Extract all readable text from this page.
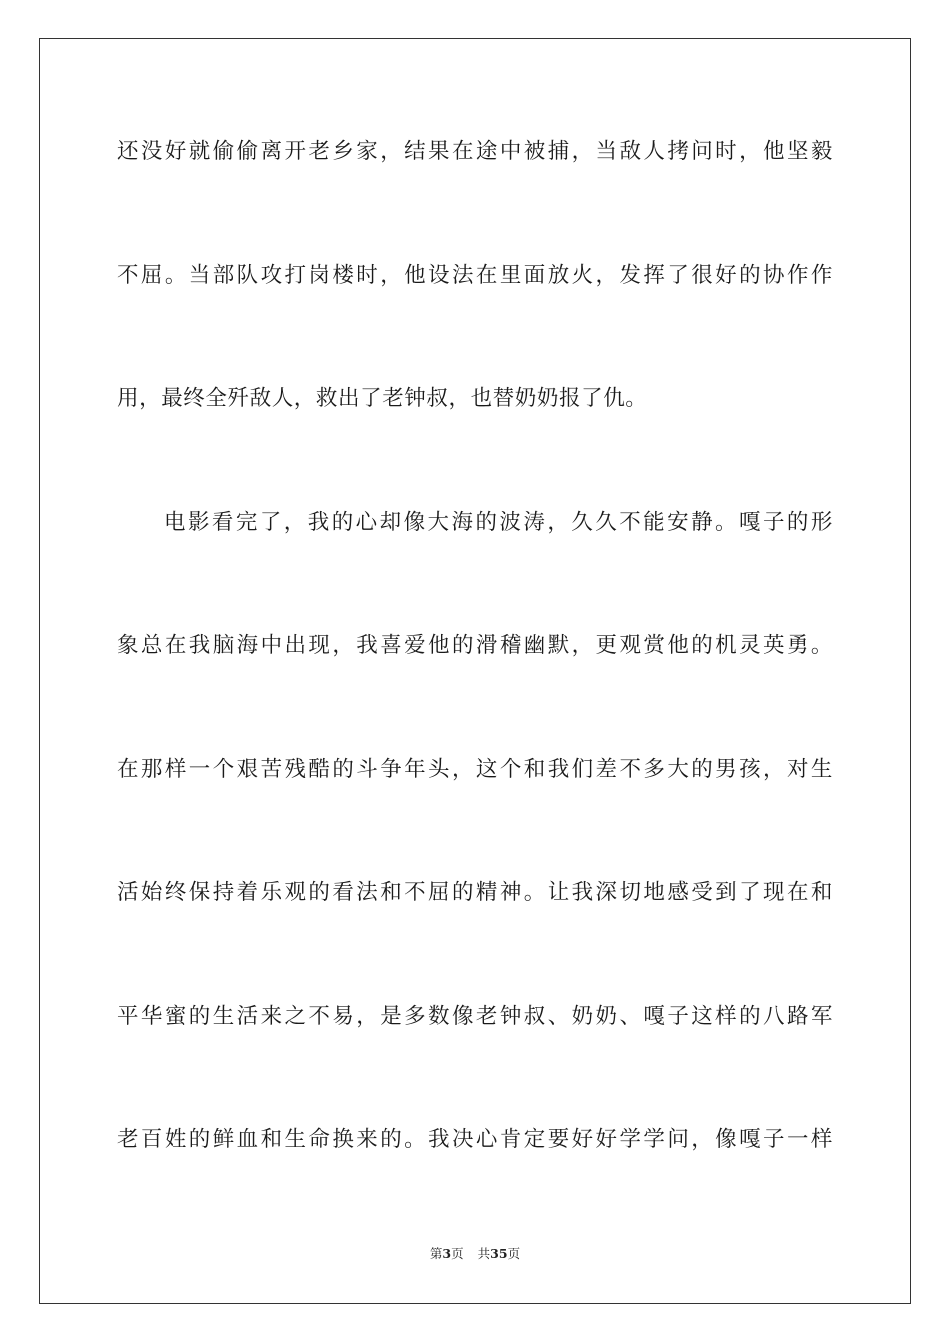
还没好就偷偷离开老乡家，结果在途中被捕，当敌人拷问时，他坚毅
不屈。当部队攻打岗楼时，他设法在里面放火，发挥了很好的协作作
用，最终全歼敌人，救出了老钟叔，也替奶奶报了仇。
电影看完了，我的心却像大海的波涛，久久不能安静。嘎子的形
象总在我脑海中出现，我喜爱他的滑稽幽默，更观赏他的机灵英勇。
在那样一个艰苦残酷的斗争年头，这个和我们差不多大的男孩，对生
活始终保持着乐观的看法和不屈的精神。让我深切地感受到了现在和
平华蜜的生活来之不易，是多数像老钟叔、奶奶、嘎子这样的八路军
老百姓的鲜血和生命换来的。我决心肯定要好好学学问，像嘎子一样
第3页 共35页
